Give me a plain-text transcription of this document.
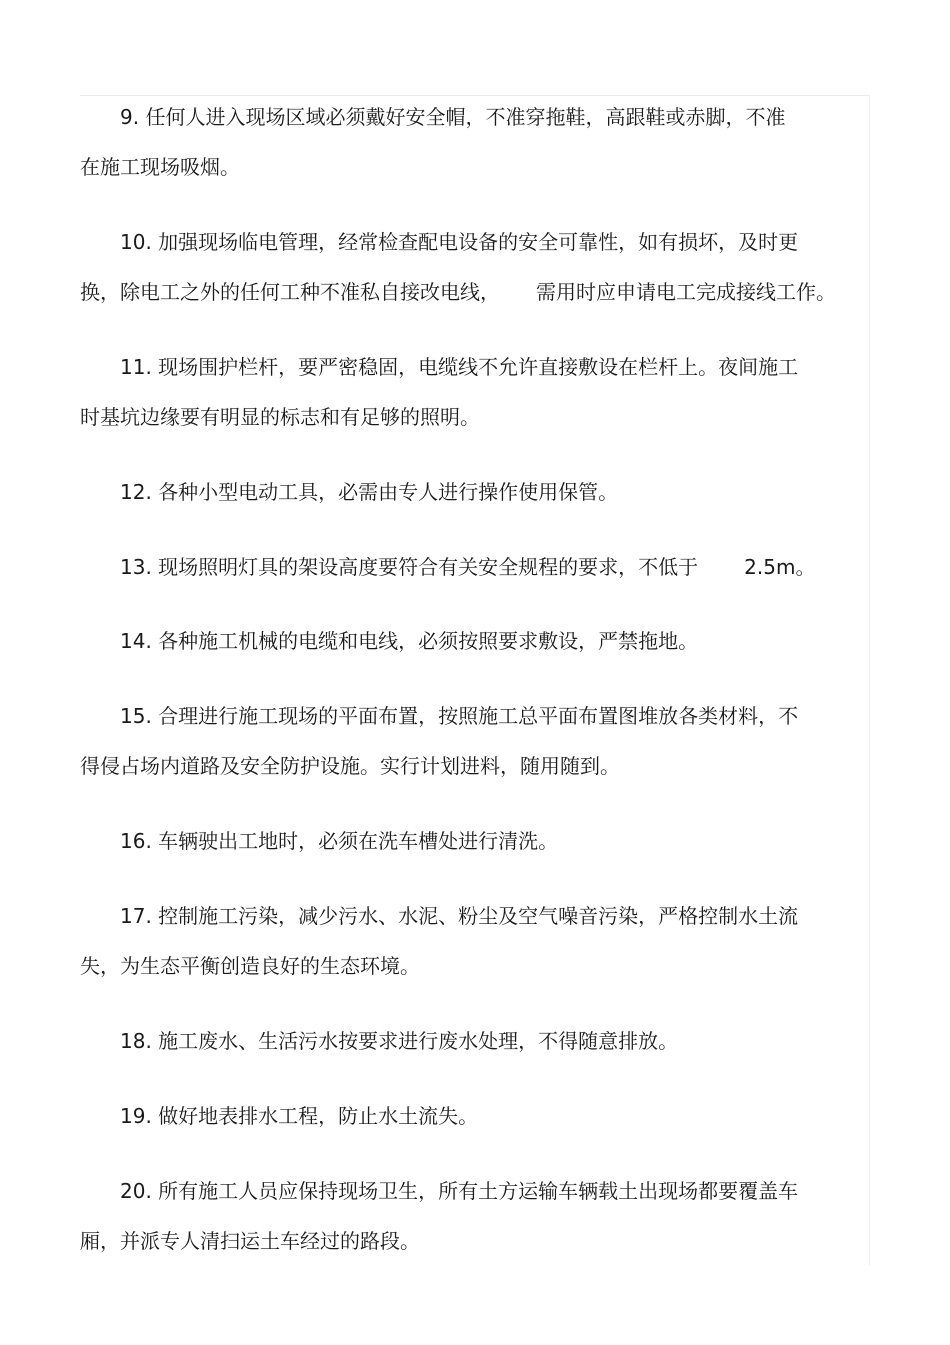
9. 任何人进入现场区域必须戴好安全帽，不准穿拖鞋，高跟鞋或赤脚，不准
在施工现场吸烟。
10. 加强现场临电管理，经常检查配电设备的安全可靠性，如有损坏，及时更
换，除电工之外的任何工种不准私自接改电线， 需用时应申请电工完成接线工作。
11. 现场围护栏杆，要严密稳固，电缆线不允许直接敷设在栏杆上。夜间施工
时基坑边缘要有明显的标志和有足够的照明。
12. 各种小型电动工具，必需由专人进行操作使用保管。
13. 现场照明灯具的架设高度要符合有关安全规程的要求，不低于 2.5m。
14. 各种施工机械的电缆和电线，必须按照要求敷设，严禁拖地。
15. 合理进行施工现场的平面布置，按照施工总平面布置图堆放各类材料，不
得侵占场内道路及安全防护设施。实行计划进料，随用随到。
16. 车辆驶出工地时，必须在洗车槽处进行清洗。
17. 控制施工污染，减少污水、水泥、粉尘及空气噪音污染，严格控制水土流
失，为生态平衡创造良好的生态环境。
18. 施工废水、生活污水按要求进行废水处理，不得随意排放。
19. 做好地表排水工程，防止水土流失。
20. 所有施工人员应保持现场卫生，所有土方运输车辆载土出现场都要覆盖车
厢，并派专人清扫运土车经过的路段。
